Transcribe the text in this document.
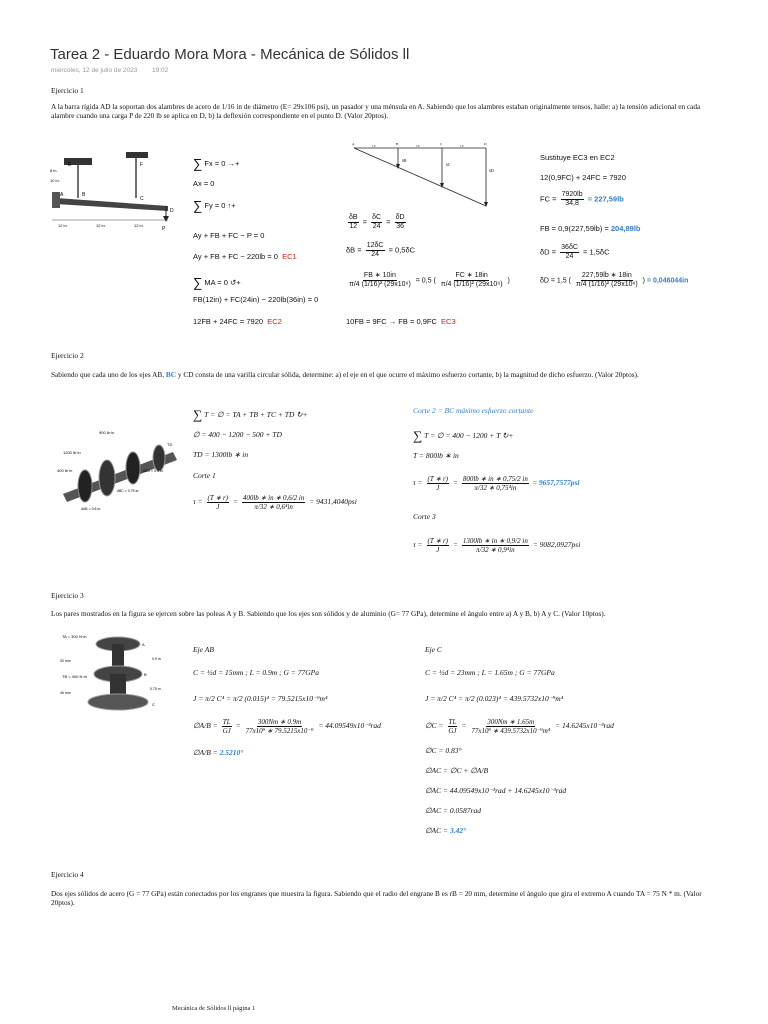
Tarea 2 - Eduardo Mora Mora - Mecánica de Sólidos ll
miércoles, 12 de julio de 2023 19:02
Ejercicio 1
A la barra rígida AD la soportan dos alambres de acero de 1/16 in de diámetro (E= 29x106 psi), un pasador y una ménsula en A. Sabiendo que los alambres estaban originalmente tensos, halle: a) la tensión adicional en cada alambre cuando una carga P de 220 lb se aplica en D, b) la deflexión correspondiente en el punto D. (Valor 20ptos).
E	F
8 in.
10 in.
A	B
C
D
P
12 in.	12 in.	12 in.
∑ Fx = 0 →+
Ax = 0
∑ Fy = 0 ↑+
Ay + FB + FC − P = 0
Ay + FB + FC − 220lb = 0 EC1
∑ MA = 0 ↺+
FB(12in) + FC(24in) − 220lb(36in) = 0
12FB + 24FC = 7920 EC2
A	B	C	D
12	12	12
δB
δC
δD
$\frac{\delta B}{12} = \frac{\delta C}{24} = \frac{\delta D}{36}$
$\delta B = \frac{12\delta C}{24} = 0,5\delta C$
$\frac{FB ∗ 10in}{\text{π/4 (1/16)² (29x10⁶)}} = 0,5$ ( $\frac{FC ∗ 18in}{\text{π/4 (1/16)² (29x10⁶)}}$ )
10FB = 9FC → FB = 0,9FC EC3
Sustituye EC3 en EC2
12(0,9FC) + 24FC = 7920
FC = $\frac{7920lb}{34,8} = 227,59lb$
FB = 0,9(227,59lb) = 204,89lb
$\delta D = \frac{36\delta C}{24} = 1,5\delta C$
δD = 1,5 ( $\frac{227,59lb ∗ 18in}{\text{π/4 (1/16)² (29x10⁶)}}$ ) = 0,046044in
Ejercicio 2
Sabiendo que cada uno de los ejes AB, BC y CD consta de una varilla circular sólida, determine: a) el eje en el que ocurre el máximo esfuerzo cortante, b) la magnitud de dicho esfuerzo. (Valor 20ptos).
900 lb·in
1200 lb·in
400 lb·in
TD
dCD = 0.9 in.
dBC = 0.75 in.
dAB = 0.6 in.
∑ T = ∅ = TA + TB + TC + TD ↻+
∅ = 400 − 1200 − 500 + TD
TD = 1300lb ∗ in
Corte 1
$\tau = \frac{(T ∗ r)}{J} = \frac{400lb ∗ in ∗ 0,6/2 in}{\text{π/32 ∗ 0,6⁴in}} = 9431,4040psi$
Corte 2 = BC máximo esfuerzo cortante
∑ T = ∅ = 400 − 1200 + T ↻+
T = 800lb ∗ in
$\tau = \frac{(T ∗ r)}{J} = \frac{800lb ∗ in ∗ 0,75/2 in}{\text{π/32 ∗ 0,75⁴in}} = 9657,7577psi$
Corte 3
$\tau = \frac{(T ∗ r)}{J} = \frac{1300lb ∗ in ∗ 0,9/2 in}{\text{π/32 ∗ 0,9⁴in}} = 9082,0927psi$
Ejercicio 3
Los pares mostrados en la figura se ejercen sobre las poleas A y B. Sabiendo que los ejes son sólidos y de aluminio (G= 77 GPa), determine el ángulo entre a) A y B, b) A y C. (Valor 10ptos).
TA = 300 N·m
TB = 400 N·m
30 mm
46 mm
0.9 m
0.75 m
A
B
C
Eje AB
C = ½d = 15mm ; L = 0.9m ; G = 77GPa
J = π/2 C⁴ = π/2 (0.015)⁴ = 79.5215x10⁻⁹m⁴
∅A/B = $\frac{TL}{GJ} = \frac{300Nm ∗ 0.9m}{\text{77x10⁹ ∗ 79.5215x10⁻⁹}} = 44.09549x10^{-3}rad$
∅A/B = 2.5210°
Eje C
C = ½d = 23mm ; L = 1.65m ; G = 77GPa
J = π/2 C⁴ = π/2 (0.023)⁴ = 439.5732x10⁻⁹m⁴
∅C = $\frac{TL}{GJ} = \frac{300Nm ∗ 1.65m}{\text{77x10⁹ ∗ 439.5732x10⁻⁹m⁴}} = 14.6245x10^{-3}rad$
∅C = 0.83°
∅AC = ∅C + ∅A/B
∅AC = 44.09549x10⁻³rad + 14.6245x10⁻³rad
∅AC = 0.0587rad
∅AC = 3.42°
Ejercicio 4
Dos ejes sólidos de acero (G = 77 GPa) están conectados por los engranes que muestra la figura. Sabiendo que el radio del engrane B es rB = 20 mm, determine el ángulo que gira el extremo A cuando TA = 75 N * m. (Valor 20ptos).
Mecánica de Sólidos ll página 1
